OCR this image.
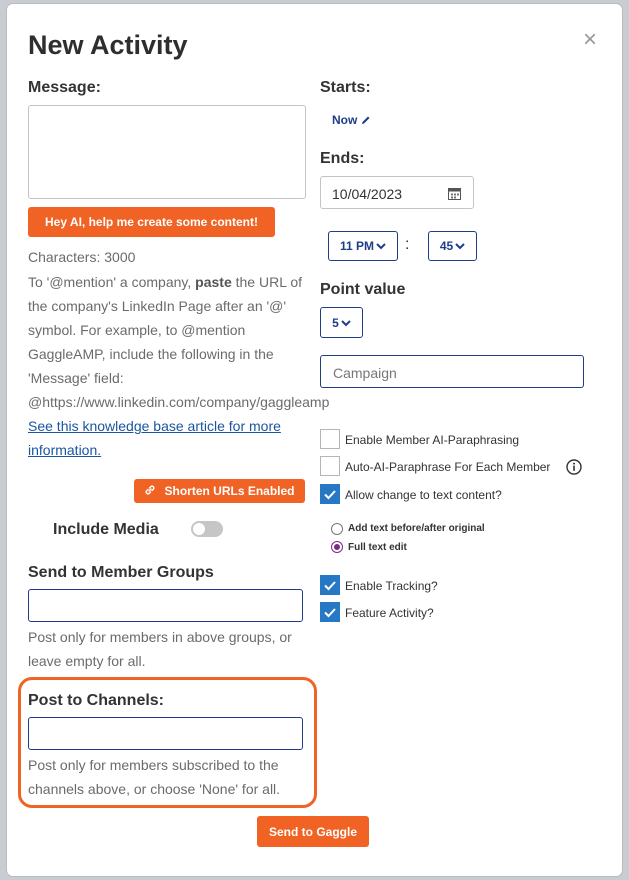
New Activity	×
Message:
Hey AI, help me create some content!
Characters: 3000
To '@mention' a company, paste the URL of
the company's LinkedIn Page after an '@'
symbol. For example, to @mention
GaggleAMP, include the following in the
'Message' field:
@https://www.linkedin.com/company/gaggleamp
See this knowledge base article for more
information.
Shorten URLs Enabled
Include Media
Send to Member Groups
Post only for members in above groups, or
leave empty for all.
Post to Channels:
Post only for members subscribed to the
channels above, or choose 'None' for all.
Send to Gaggle
Starts:
Now
Ends:
10/04/2023
11 PM :	45
Point value
5
Campaign
Enable Member AI-Paraphrasing
Auto-AI-Paraphrase For Each Member
Allow change to text content?
Add text before/after original
Full text edit
Enable Tracking?
Feature Activity?
